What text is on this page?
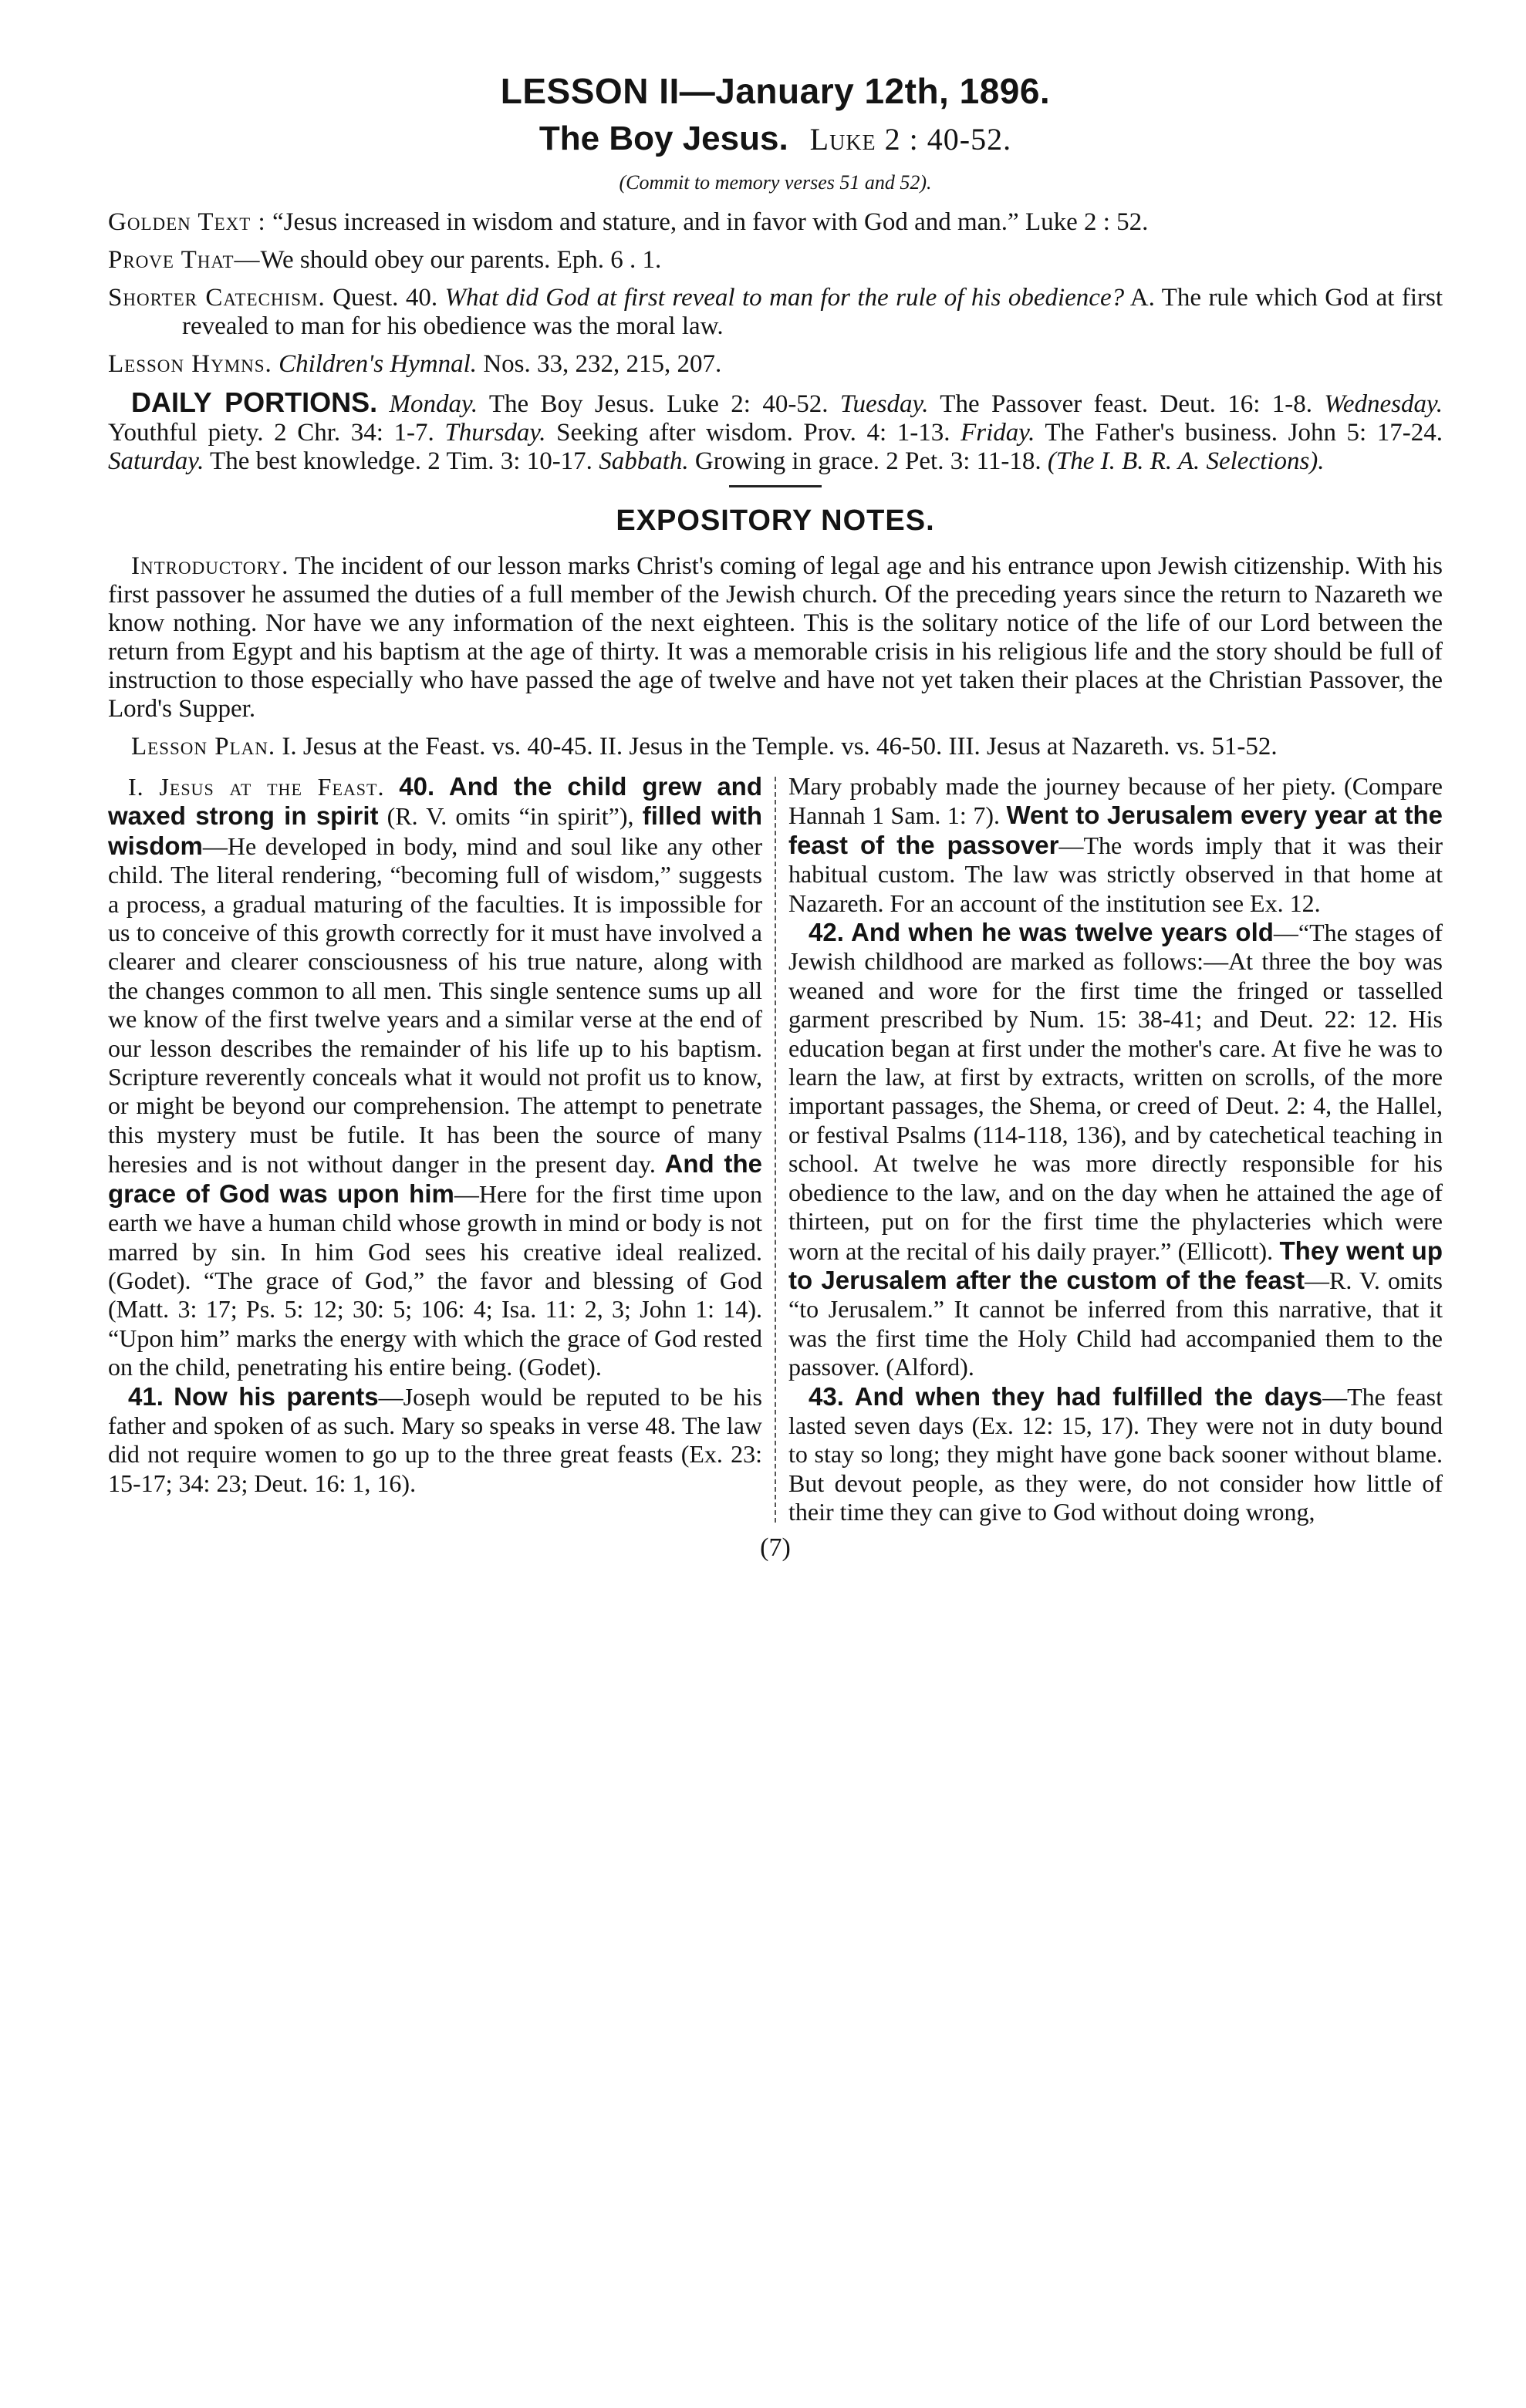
LESSON II—January 12th, 1896.

The Boy Jesus. Luke 2 : 40-52.

(Commit to memory verses 51 and 52).

Golden Text : “Jesus increased in wisdom and stature, and in favor with God and man.” Luke 2 : 52.

Prove That—We should obey our parents. Eph. 6 . 1.

Shorter Catechism. Quest. 40. What did God at first reveal to man for the rule of his obedience? A. The rule which God at first revealed to man for his obedience was the moral law.

Lesson Hymns. Children's Hymnal. Nos. 33, 232, 215, 207.

DAILY PORTIONS. Monday. The Boy Jesus. Luke 2: 40-52. Tuesday. The Passover feast. Deut. 16: 1-8. Wednesday. Youthful piety. 2 Chr. 34: 1-7. Thursday. Seeking after wisdom. Prov. 4: 1-13. Friday. The Father's business. John 5: 17-24. Saturday. The best knowledge. 2 Tim. 3: 10-17. Sabbath. Growing in grace. 2 Pet. 3: 11-18. (The I. B. R. A. Selections).

EXPOSITORY NOTES.

Introductory. The incident of our lesson marks Christ's coming of legal age and his entrance upon Jewish citizenship. With his first passover he assumed the duties of a full member of the Jewish church. Of the preceding years since the return to Nazareth we know nothing. Nor have we any information of the next eighteen. This is the solitary notice of the life of our Lord between the return from Egypt and his baptism at the age of thirty. It was a memorable crisis in his religious life and the story should be full of instruction to those especially who have passed the age of twelve and have not yet taken their places at the Christian Passover, the Lord's Supper.

Lesson Plan. I. Jesus at the Feast. vs. 40-45. II. Jesus in the Temple. vs. 46-50. III. Jesus at Nazareth. vs. 51-52.

I. Jesus at the Feast. 40. And the child grew and waxed strong in spirit (R. V. omits “in spirit”), filled with wisdom—He developed in body, mind and soul like any other child. The literal rendering, “becoming full of wisdom,” suggests a process, a gradual maturing of the faculties. It is impossible for us to conceive of this growth correctly for it must have involved a clearer and clearer consciousness of his true nature, along with the changes common to all men. This single sentence sums up all we know of the first twelve years and a similar verse at the end of our lesson describes the remainder of his life up to his baptism. Scripture reverently conceals what it would not profit us to know, or might be beyond our comprehension. The attempt to penetrate this mystery must be futile. It has been the source of many heresies and is not without danger in the present day. And the grace of God was upon him—Here for the first time upon earth we have a human child whose growth in mind or body is not marred by sin. In him God sees his creative ideal realized. (Godet). “The grace of God,” the favor and blessing of God (Matt. 3: 17; Ps. 5: 12; 30: 5; 106: 4; Isa. 11: 2, 3; John 1: 14). “Upon him” marks the energy with which the grace of God rested on the child, penetrating his entire being. (Godet).

41. Now his parents—Joseph would be reputed to be his father and spoken of as such. Mary so speaks in verse 48. The law did not require women to go up to the three great feasts (Ex. 23: 15-17; 34: 23; Deut. 16: 1, 16).

Mary probably made the journey because of her piety. (Compare Hannah 1 Sam. 1: 7). Went to Jerusalem every year at the feast of the passover—The words imply that it was their habitual custom. The law was strictly observed in that home at Nazareth. For an account of the institution see Ex. 12.

42. And when he was twelve years old—“The stages of Jewish childhood are marked as follows:—At three the boy was weaned and wore for the first time the fringed or tasselled garment prescribed by Num. 15: 38-41; and Deut. 22: 12. His education began at first under the mother's care. At five he was to learn the law, at first by extracts, written on scrolls, of the more important passages, the Shema, or creed of Deut. 2: 4, the Hallel, or festival Psalms (114-118, 136), and by catechetical teaching in school. At twelve he was more directly responsible for his obedience to the law, and on the day when he attained the age of thirteen, put on for the first time the phylacteries which were worn at the recital of his daily prayer.” (Ellicott). They went up to Jerusalem after the custom of the feast—R. V. omits “to Jerusalem.” It cannot be inferred from this narrative, that it was the first time the Holy Child had accompanied them to the passover. (Alford).

43. And when they had fulfilled the days—The feast lasted seven days (Ex. 12: 15, 17). They were not in duty bound to stay so long; they might have gone back sooner without blame. But devout people, as they were, do not consider how little of their time they can give to God without doing wrong,

(7)
